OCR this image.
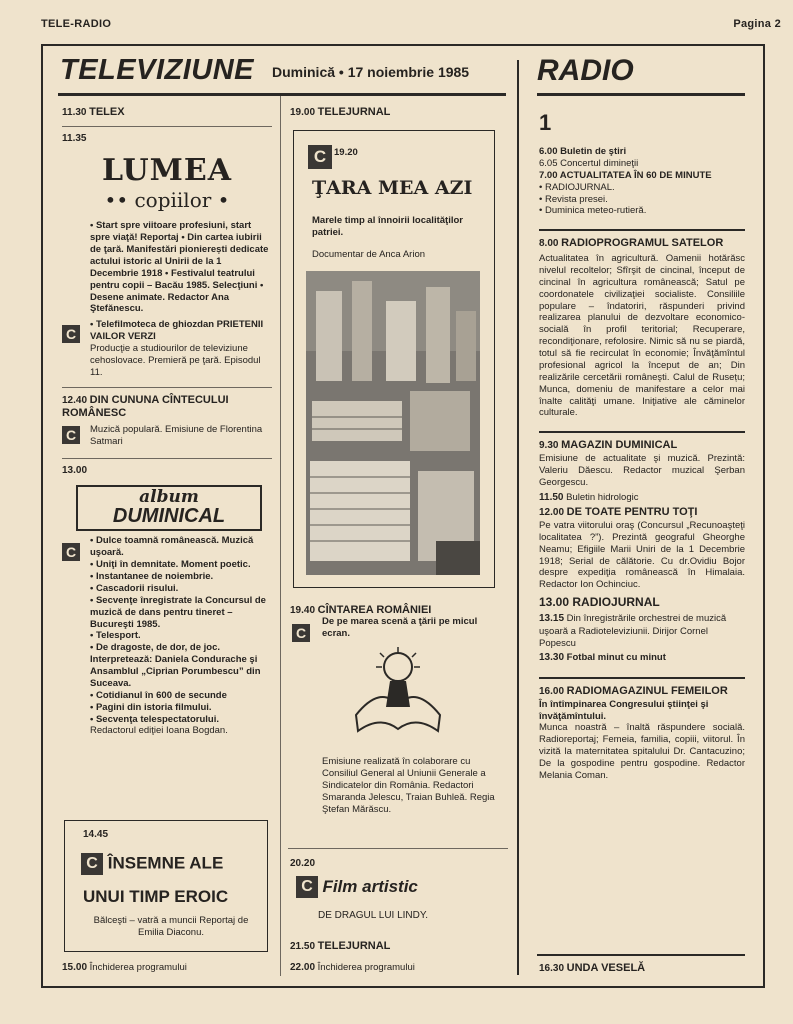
TELE-RADIO	Pagina 2
TELEVIZIUNE Duminică • 17 noiembrie 1985 RADIO

11.30 TELEX

11.35

LUMEA
•• copiilor •

• Start spre viitoare profesiuni, start spre viaţă! Reportaj • Din cartea iubirii de ţară. Manifestări pionierești dedicate actului istoric al Unirii de la 1 Decembrie 1918 • Festivalul teatrului pentru copii – Bacău 1985. Selecţiuni • Desene animate. Redactor Ana Ştefănescu.

C

• Telefilmoteca de ghiozdan PRIETENII VAILOR VERZI

Producţie a studiourilor de televiziune cehoslovace. Premieră pe ţară. Episodul 11.

12.40 DIN CUNUNA CÎNTECULUI ROMÂNESC

C	Muzică populară. Emisiune de Florentina Satmari

13.00

album
DUMINICAL
C

• Dulce toamnă românească. Muzică uşoară.

• Uniţi în demnitate. Moment poetic.

• Instantanee de noiembrie.

• Cascadorii risului.

• Secvenţe înregistrate la Concursul de muzică de dans pentru tineret – Bucureşti 1985.

• Telesport.

• De dragoste, de dor, de joc. Interpretează: Daniela Condurache şi Ansamblul „Ciprian Porumbescu” din Suceava.

• Cotidianul în 600 de secunde

• Pagini din istoria filmului.

• Secvenţa telespectatorului.

Redactorul ediţiei Ioana Bogdan.

14.45

C ÎNSEMNE ALE
UNUI TIMP EROIC

Bălceşti – vatră a muncii Reportaj de Emilia Diaconu.

15.00 Închiderea programului

19.00 TELEJURNAL

C 19.20

ŢARA MEA AZI

Marele timp al înnoirii localităţilor patriei.

Documentar de Anca Arion

19.40 CÎNTAREA ROMÂNIEI

C

De pe marea scenă a ţării pe micul ecran.

Emisiune realizată în colaborare cu Consiliul General al Uniunii Generale a Sindicatelor din România. Redactori Smaranda Jelescu, Traian Buhleă. Regia Ştefan Mărăscu.

20.20

C Film artistic

DE DRAGUL LUI LINDY.

21.50 TELEJURNAL

22.00 Închiderea programului

1

6.00 Buletin de ştiri

6.05 Concertul dimineţii

7.00 ACTUALITATEA ÎN 60 DE MINUTE

• RADIOJURNAL.

• Revista presei.

• Duminica meteo-rutieră.

8.00 RADIOPROGRAMUL SATELOR

Actualitatea în agricultură. Oamenii hotărăsc nivelul recoltelor; Sfîrşit de cincinal, început de cincinal în agricultura românească; Satul pe coordonatele civilizaţiei socialiste. Consiliile populare – îndatoriri, răspunderi privind realizarea planului de dezvoltare economico-socială în profil teritorial; Recuperare, recondiţionare, refolosire. Nimic să nu se piardă, totul să fie recirculat în economie; Învăţămîntul profesional agricol la început de an; Din realizările cercetării româneşti. Calul de Rusețu; Munca, domeniu de manifestare a celor mai înalte calităţi umane. Iniţiative ale căminelor culturale.

9.30 MAGAZIN DUMINICAL

Emisiune de actualitate şi muzică. Prezintă: Valeriu Dăescu. Redactor muzical Şerban Georgescu.

11.50 Buletin hidrologic

12.00 DE TOATE PENTRU TOŢI

Pe vatra viitorului oraş (Concursul „Recunoaşteţi localitatea ?”). Prezintă geograful Gheorghe Neamu; Efigiile Marii Uniri de la 1 Decembrie 1918; Serial de călătorie. Cu dr.Ovidiu Bojor despre expediţia românească în Himalaia. Redactor Ion Ochinciuc.

13.00 RADIOJURNAL

13.15 Din înregistrările orchestrei de muzică uşoară a Radioteleviziunii. Dirijor Cornel Popescu

13.30 Fotbal minut cu minut

16.00 RADIOMAGAZINUL FEMEILOR

În întîmpinarea Congresului ştiinţei şi învăţămîntului.

Munca noastră – înaltă răspundere socială. Radioreportaj; Femeia, familia, copiii, viitorul. În vizită la maternitatea spitalului Dr. Cantacuzino; De la gospodine pentru gospodine. Redactor Melania Coman.

16.30 UNDA VESELĂ
